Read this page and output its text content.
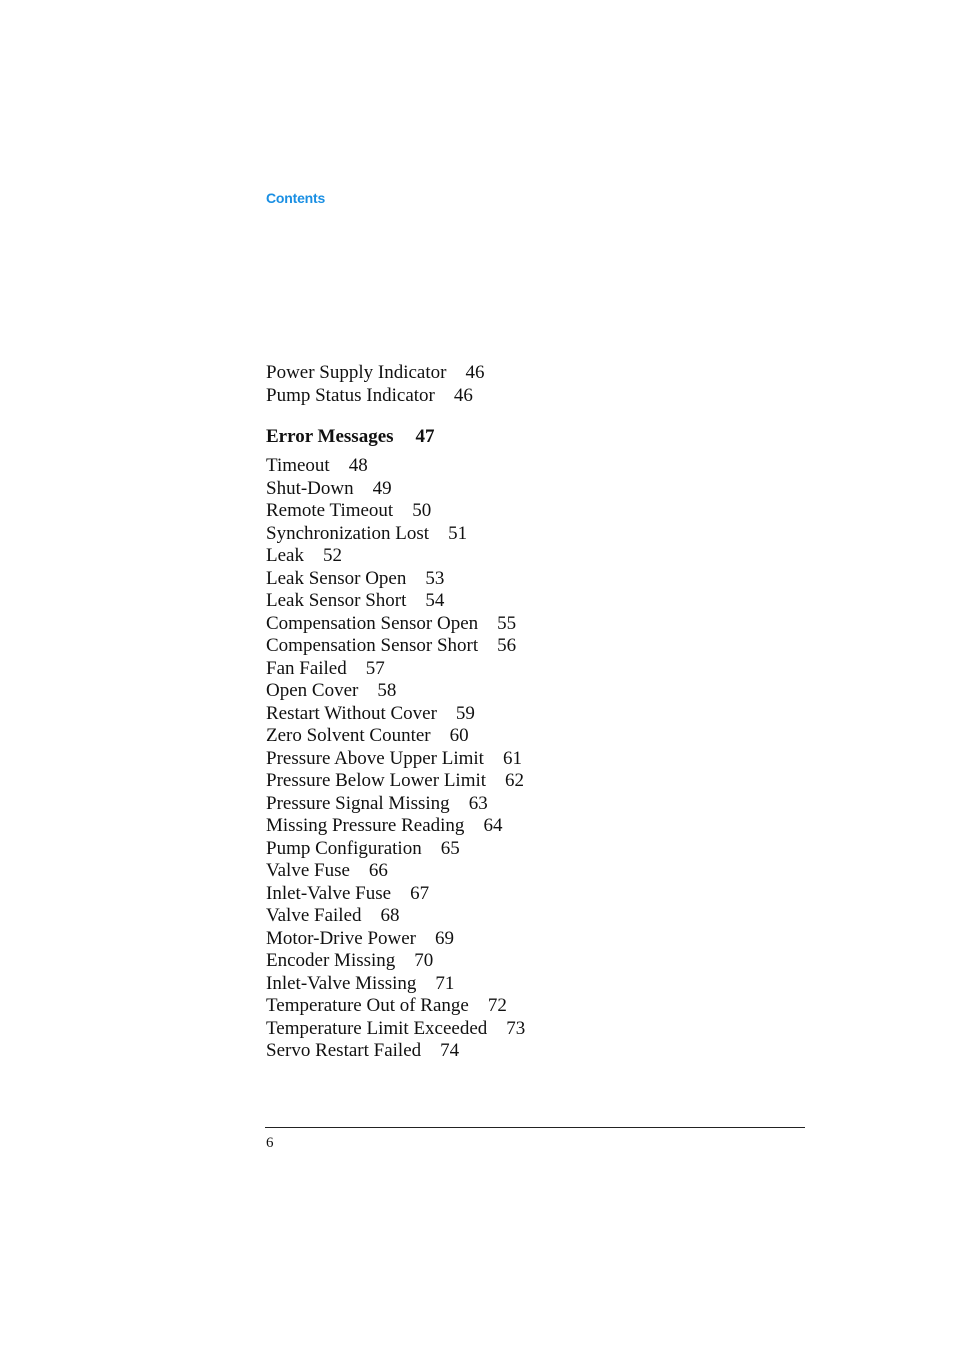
Contents
Power Supply Indicator 46
Pump Status Indicator 46
Error Messages 47
Timeout 48
Shut-Down 49
Remote Timeout 50
Synchronization Lost 51
Leak 52
Leak Sensor Open 53
Leak Sensor Short 54
Compensation Sensor Open 55
Compensation Sensor Short 56
Fan Failed 57
Open Cover 58
Restart Without Cover 59
Zero Solvent Counter 60
Pressure Above Upper Limit 61
Pressure Below Lower Limit 62
Pressure Signal Missing 63
Missing Pressure Reading 64
Pump Configuration 65
Valve Fuse 66
Inlet-Valve Fuse 67
Valve Failed 68
Motor-Drive Power 69
Encoder Missing 70
Inlet-Valve Missing 71
Temperature Out of Range 72
Temperature Limit Exceeded 73
Servo Restart Failed 74
6
